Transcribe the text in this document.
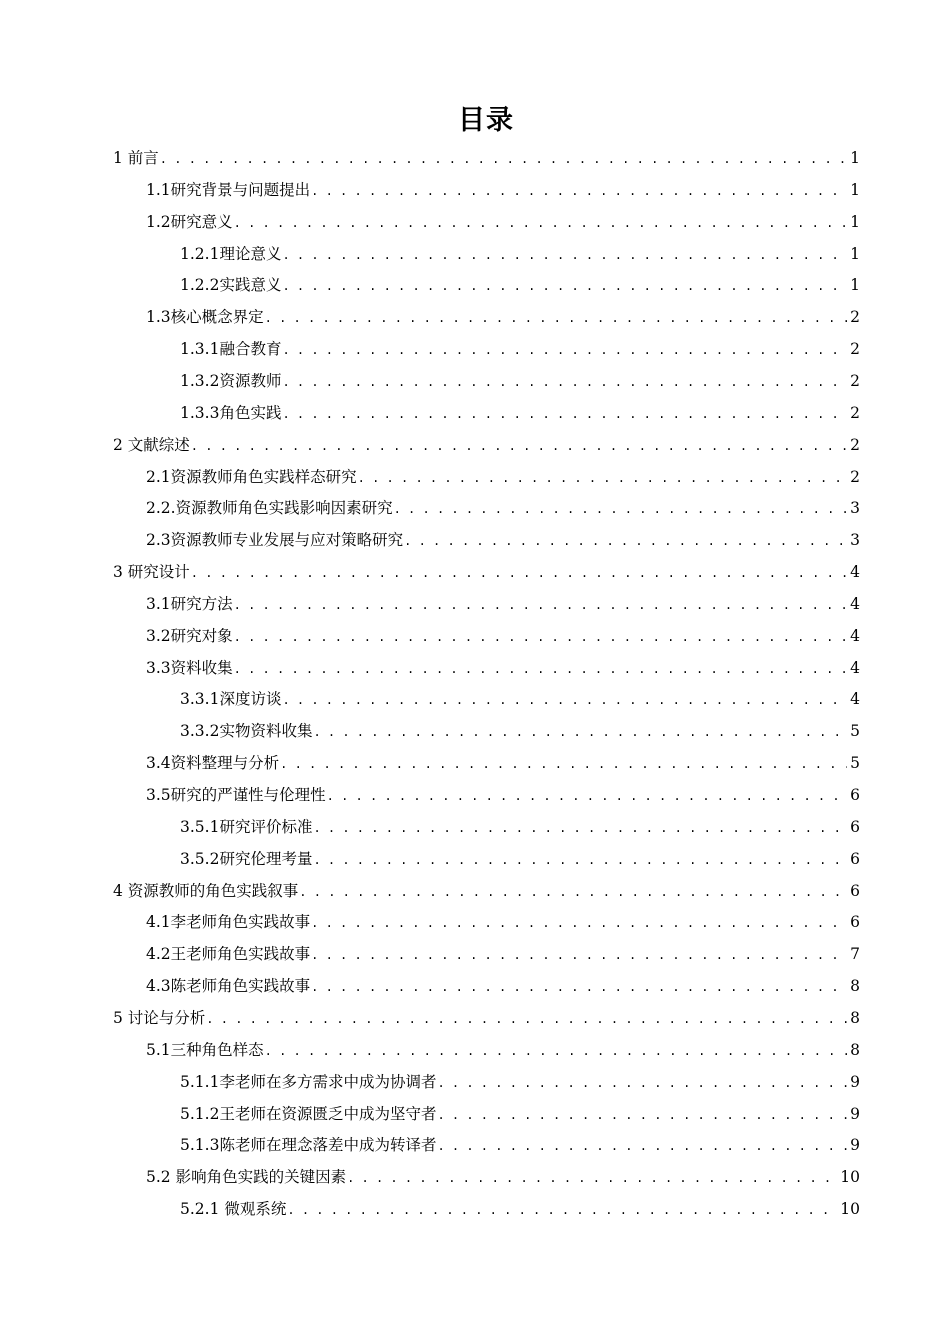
目录
1 前言 . . .	1
1.1研究背景与问题提出 . . .	1
1.2研究意义 . . .	1
1.2.1理论意义 . . .	1
1.2.2实践意义 . . .	1
1.3核心概念界定 . . .	2
1.3.1融合教育 . . .	2
1.3.2资源教师 . . .	2
1.3.3角色实践 . . .	2
2 文献综述 . . .	2
2.1资源教师角色实践样态研究 . . .	2
2.2.资源教师角色实践影响因素研究 . . .	3
2.3资源教师专业发展与应对策略研究 . . .	3
3 研究设计 . . .	4
3.1研究方法 . . .	4
3.2研究对象 . . .	4
3.3资料收集 . . .	4
3.3.1深度访谈 . . .	4
3.3.2实物资料收集 . . .	5
3.4资料整理与分析 . . .	5
3.5研究的严谨性与伦理性 . . .	6
3.5.1研究评价标准 . . .	6
3.5.2研究伦理考量 . . .	6
4 资源教师的角色实践叙事 . . .	6
4.1李老师角色实践故事 . . .	6
4.2王老师角色实践故事 . . .	7
4.3陈老师角色实践故事 . . .	8
5 讨论与分析 . . .	8
5.1三种角色样态 . . .	8
5.1.1李老师在多方需求中成为协调者 . . .	9
5.1.2王老师在资源匮乏中成为坚守者 . . .	9
5.1.3陈老师在理念落差中成为转译者 . . .	9
5.2 影响角色实践的关键因素 . . .	10
5.2.1 微观系统 . . .	10
